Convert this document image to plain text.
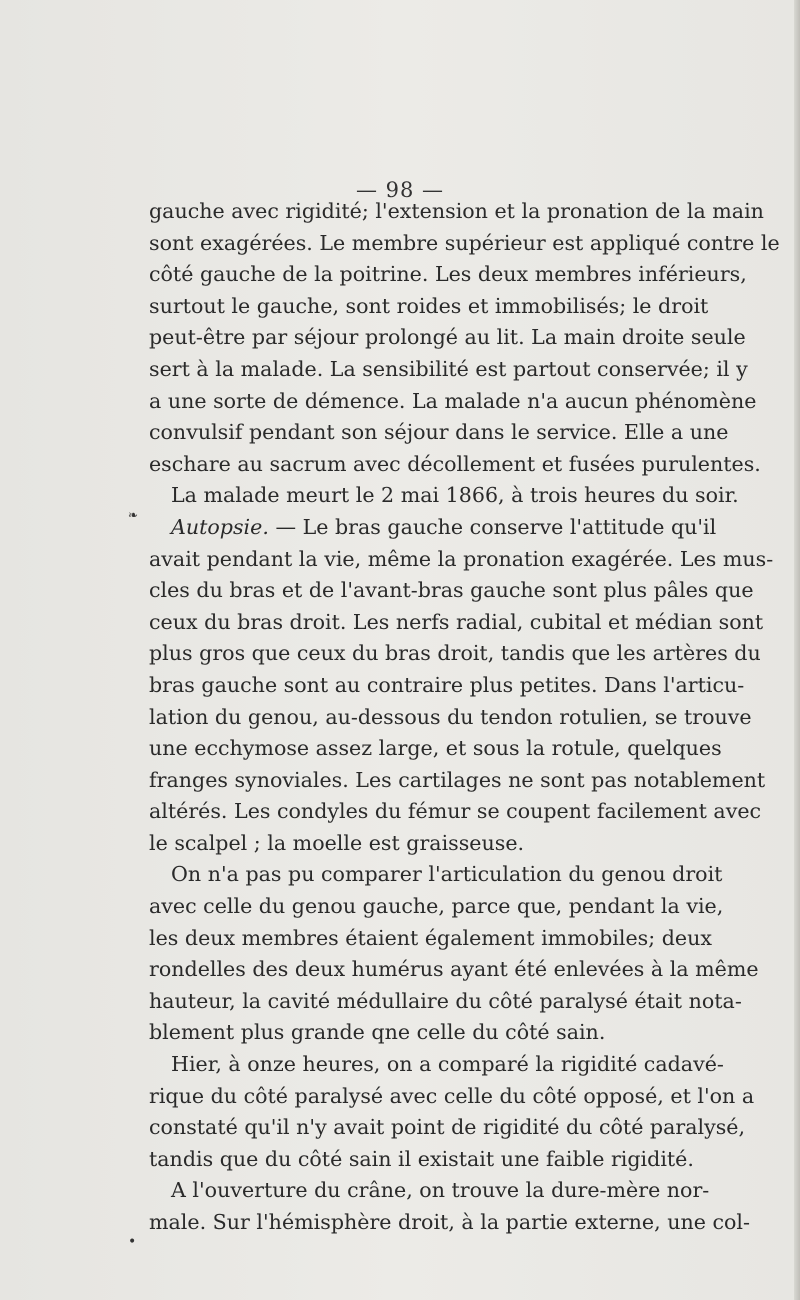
— 98 —
❧
•
gauche avec rigidité; l'extension et la pronation de la main
sont exagérées. Le membre supérieur est appliqué contre le
côté gauche de la poitrine. Les deux membres inférieurs,
surtout le gauche, sont roides et immobilisés; le droit
peut-être par séjour prolongé au lit. La main droite seule
sert à la malade. La sensibilité est partout conservée; il y
a une sorte de démence. La malade n'a aucun phénomène
convulsif pendant son séjour dans le service. Elle a une
eschare au sacrum avec décollement et fusées purulentes.
La malade meurt le 2 mai 1866, à trois heures du soir.
Autopsie. — Le bras gauche conserve l'attitude qu'il
avait pendant la vie, même la pronation exagérée. Les mus-
cles du bras et de l'avant-bras gauche sont plus pâles que
ceux du bras droit. Les nerfs radial, cubital et médian sont
plus gros que ceux du bras droit, tandis que les artères du
bras gauche sont au contraire plus petites. Dans l'articu-
lation du genou, au-dessous du tendon rotulien, se trouve
une ecchymose assez large, et sous la rotule, quelques
franges synoviales. Les cartilages ne sont pas notablement
altérés. Les condyles du fémur se coupent facilement avec
le scalpel ; la moelle est graisseuse.
On n'a pas pu comparer l'articulation du genou droit
avec celle du genou gauche, parce que, pendant la vie,
les deux membres étaient également immobiles; deux
rondelles des deux humérus ayant été enlevées à la même
hauteur, la cavité médullaire du côté paralysé était nota-
blement plus grande qne celle du côté sain.
Hier, à onze heures, on a comparé la rigidité cadavé-
rique du côté paralysé avec celle du côté opposé, et l'on a
constaté qu'il n'y avait point de rigidité du côté paralysé,
tandis que du côté sain il existait une faible rigidité.
A l'ouverture du crâne, on trouve la dure-mère nor-
male. Sur l'hémisphère droit, à la partie externe, une col-
